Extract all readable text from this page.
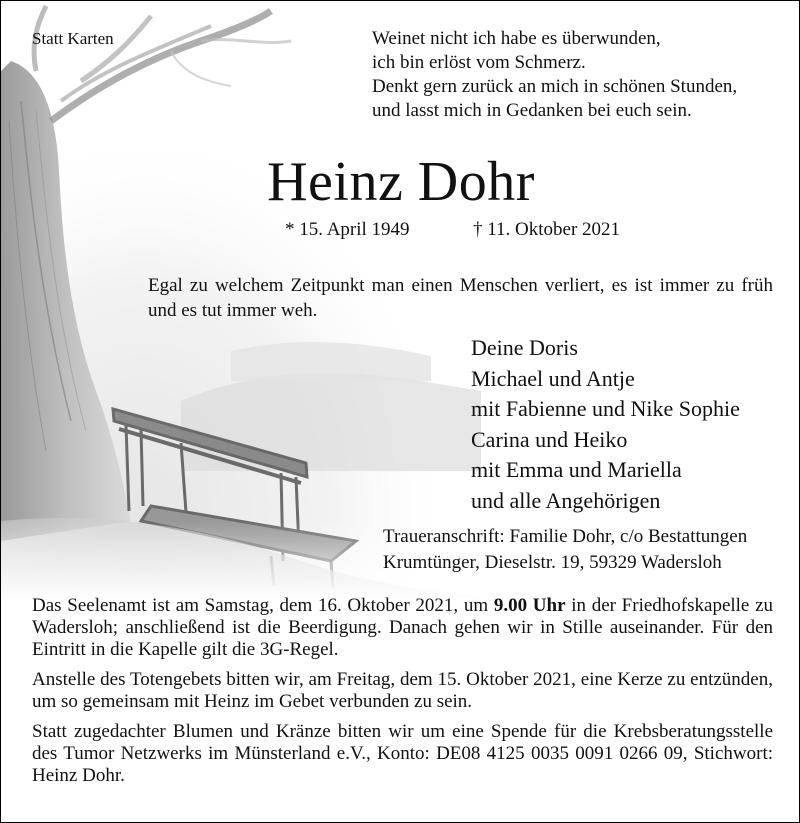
Statt Karten	Weinet nicht ich habe es überwunden,
ich bin erlöst vom Schmerz.
Denkt gern zurück an mich in schönen Stunden,
und lasst mich in Gedanken bei euch sein.
Heinz Dohr
* 15. April 1949	† 11. Oktober 2021
Egal zu welchem Zeitpunkt man einen Menschen verliert, es ist immer zu früh und es tut immer weh.
Deine Doris
Michael und Antje
mit Fabienne und Nike Sophie
Carina und Heiko
mit Emma und Mariella
und alle Angehörigen
Traueranschrift: Familie Dohr, c/o Bestattungen
Krumtünger, Dieselstr. 19, 59329 Wadersloh

Das Seelenamt ist am Samstag, dem 16. Oktober 2021, um 9.00 Uhr in der Friedhofskapelle zu Wadersloh; anschließend ist die Beerdigung. Danach gehen wir in Stille auseinander. Für den Eintritt in die Kapelle gilt die 3G-Regel.

Anstelle des Totengebets bitten wir, am Freitag, dem 15. Oktober 2021, eine Kerze zu entzünden, um so gemeinsam mit Heinz im Gebet verbunden zu sein.

Statt zugedachter Blumen und Kränze bitten wir um eine Spende für die Krebsberatungsstelle des Tumor Netzwerks im Münsterland e.V., Konto: DE08 4125 0035 0091 0266 09, Stichwort: Heinz Dohr.
